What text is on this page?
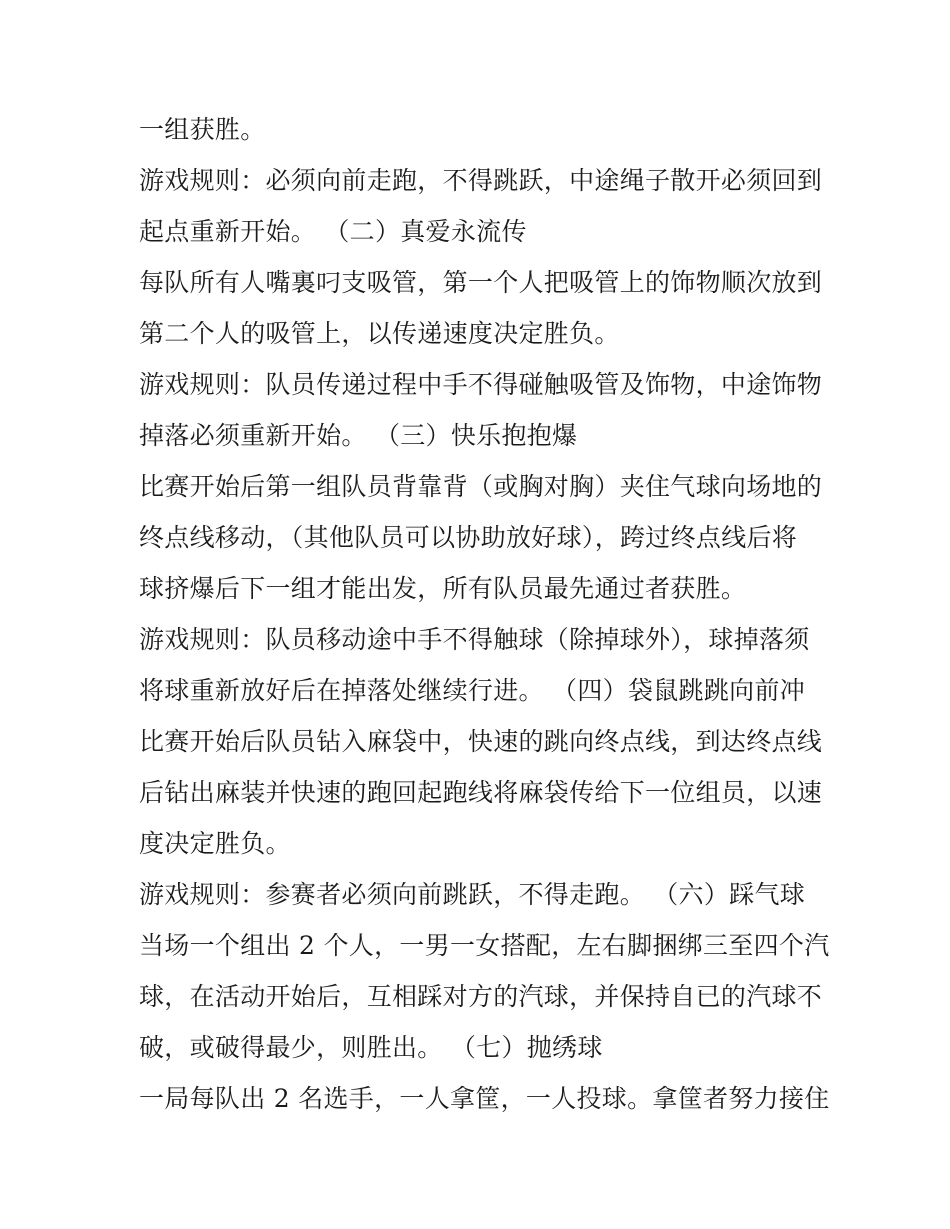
一组获胜。
游戏规则：必须向前走跑，不得跳跃，中途绳子散开必须回到
起点重新开始。 （二）真爱永流传
每队所有人嘴裏叼支吸管，第一个人把吸管上的饰物顺次放到
第二个人的吸管上，以传递速度决定胜负。
游戏规则：队员传递过程中手不得碰触吸管及饰物，中途饰物
掉落必须重新开始。 （三）快乐抱抱爆
比赛开始后第一组队员背靠背（或胸对胸）夹住气球向场地的
终点线移动，（其他队员可以协助放好球），跨过终点线后将
球挤爆后下一组才能出发，所有队员最先通过者获胜。
游戏规则：队员移动途中手不得触球（除掉球外），球掉落须
将球重新放好后在掉落处继续行进。 （四）袋鼠跳跳向前冲
比赛开始后队员钻入麻袋中，快速的跳向终点线，到达终点线
后钻出麻装并快速的跑回起跑线将麻袋传给下一位组员，以速
度决定胜负。
游戏规则：参赛者必须向前跳跃，不得走跑。 （六）踩气球
当场一个组出 2 个人，一男一女搭配，左右脚捆绑三至四个汽
球，在活动开始后，互相踩对方的汽球，并保持自已的汽球不
破，或破得最少，则胜出。 （七）抛绣球
一局每队出 2 名选手，一人拿筐，一人投球。拿筐者努力接住
